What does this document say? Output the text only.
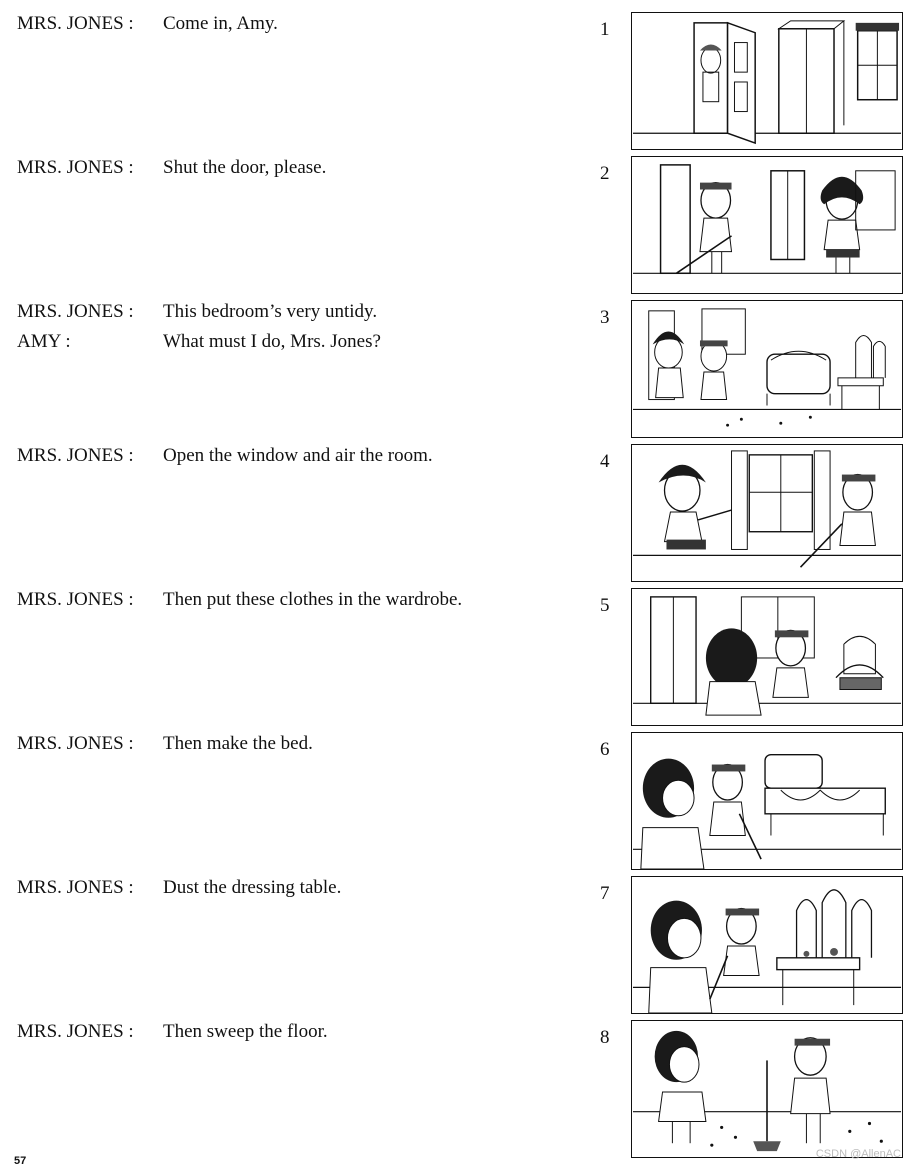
MRS. JONES : Come in, Amy.	1
MRS. JONES : Shut the door, please.	2
MRS. JONES : This bedroom’s very untidy.
AMY :	What must I do, Mrs. Jones?
3
MRS. JONES : Open the window and air the room.	4
MRS. JONES : Then put these clothes in the wardrobe.	5
MRS. JONES : Then make the bed.	6
MRS. JONES : Dust the dressing table.	7
MRS. JONES : Then sweep the floor.	8
57
CSDN @AllenAC
